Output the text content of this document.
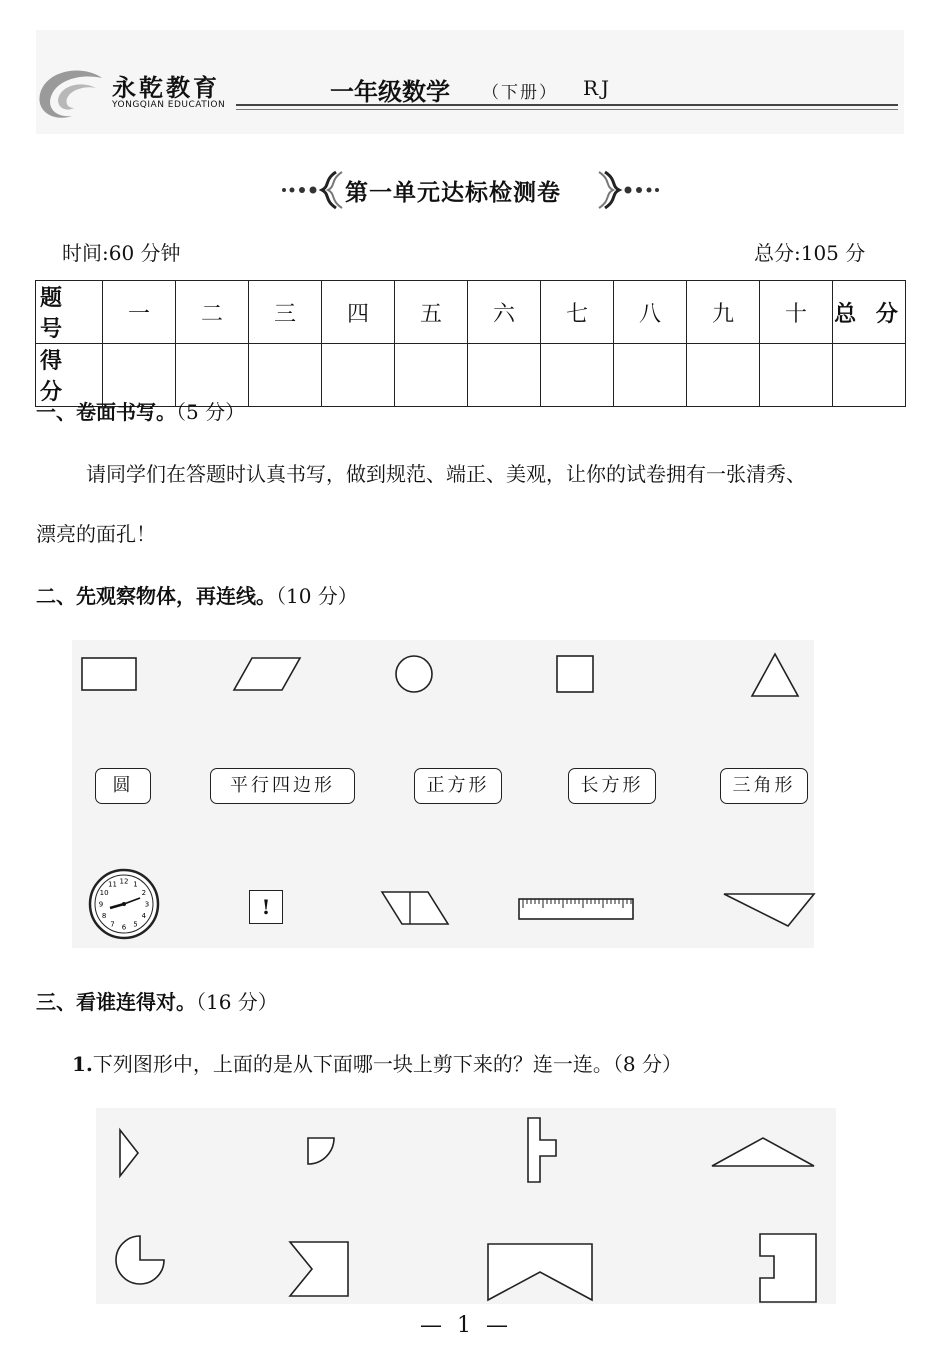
永乾教育
YONGQIAN EDUCATION	一年级数学 （下册） RJ
第一单元达标检测卷
时间:60 分钟	总分:105 分
题 号	一	二	三	四	五	六	七	八	九	十	总 分
得 分											
一、卷面书写。（5 分）
请同学们在答题时认真书写，做到规范、端正、美观，让你的试卷拥有一张清秀、
漂亮的面孔！
二、先观察物体，再连线。（10 分）
圆	平行四边形	正方形	长方形	三角形
12 1
2
3
4
5
6
7
8
9
10
11
!
三、看谁连得对。（16 分）
1.下列图形中，上面的是从下面哪一块上剪下来的？连一连。（8 分）
— 1 —
